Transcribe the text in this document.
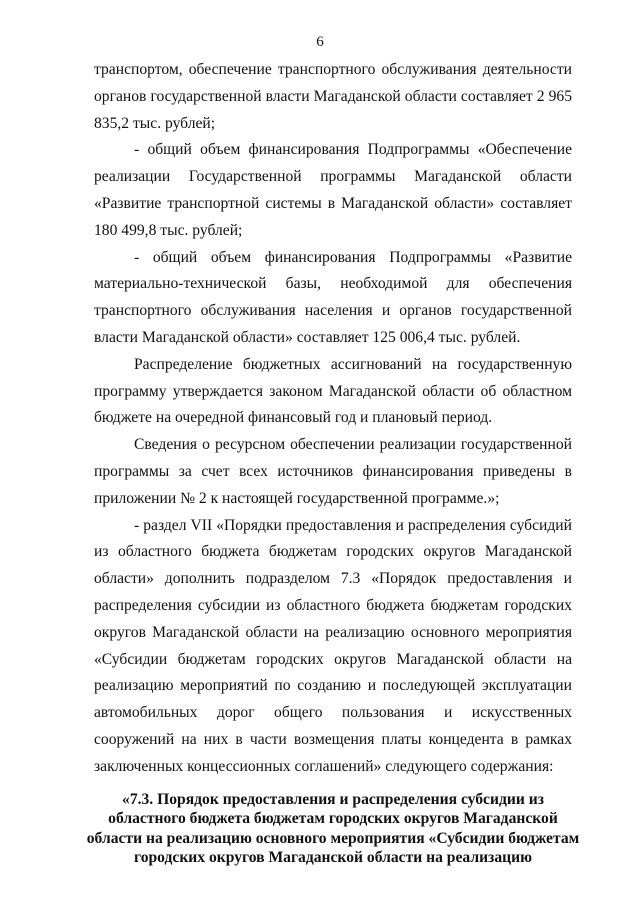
6

транспортом, обеспечение транспортного обслуживания деятельности органов государственной власти Магаданской области составляет 2 965 835,2 тыс. рублей;

- общий объем финансирования Подпрограммы «Обеспечение реализации Государственной программы Магаданской области «Развитие транспортной системы в Магаданской области» составляет 180 499,8 тыс. рублей;

- общий объем финансирования Подпрограммы «Развитие материально-технической базы, необходимой для обеспечения транспортного обслуживания населения и органов государственной власти Магаданской области» составляет 125 006,4 тыс. рублей.

Распределение бюджетных ассигнований на государственную программу утверждается законом Магаданской области об областном бюджете на очередной финансовый год и плановый период.

Сведения о ресурсном обеспечении реализации государственной программы за счет всех источников финансирования приведены в приложении № 2 к настоящей государственной программе.»;

- раздел VII «Порядки предоставления и распределения субсидий из областного бюджета бюджетам городских округов Магаданской области» дополнить подразделом 7.3 «Порядок предоставления и распределения субсидии из областного бюджета бюджетам городских округов Магаданской области на реализацию основного мероприятия «Субсидии бюджетам городских округов Магаданской области на реализацию мероприятий по созданию и последующей эксплуатации автомобильных дорог общего пользования и искусственных сооружений на них в части возмещения платы концедента в рамках заключенных концессионных соглашений» следующего содержания:

«7.3. Порядок предоставления и распределения субсидии из областного бюджета бюджетам городских округов Магаданской области на реализацию основного мероприятия «Субсидии бюджетам городских округов Магаданской области на реализацию
